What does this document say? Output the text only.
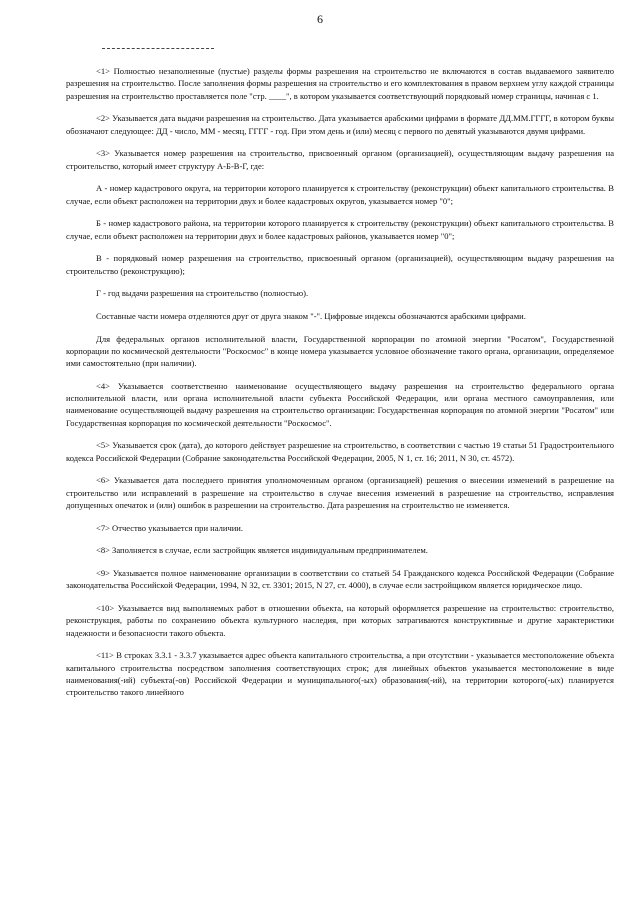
6

<1> Полностью незаполненные (пустые) разделы формы разрешения на строительство не включаются в состав выдаваемого заявителю разрешения на строительство. После заполнения формы разрешения на строительство и его комплектования в правом верхнем углу каждой страницы разрешения на строительство проставляется поле "стр. ____", в котором указывается соответствующий порядковый номер страницы, начиная с 1.

<2> Указывается дата выдачи разрешения на строительство. Дата указывается арабскими цифрами в формате ДД.ММ.ГГГГ, в котором буквы обозначают следующее: ДД - число, ММ - месяц, ГГГГ - год. При этом день и (или) месяц с первого по девятый указываются двумя цифрами.

<3> Указывается номер разрешения на строительство, присвоенный органом (организацией), осуществляющим выдачу разрешения на строительство, который имеет структуру А-Б-В-Г, где:

А - номер кадастрового округа, на территории которого планируется к строительству (реконструкции) объект капитального строительства. В случае, если объект расположен на территории двух и более кадастровых округов, указывается номер "0";

Б - номер кадастрового района, на территории которого планируется к строительству (реконструкции) объект капитального строительства. В случае, если объект расположен на территории двух и более кадастровых районов, указывается номер "0";

В - порядковый номер разрешения на строительство, присвоенный органом (организацией), осуществляющим выдачу разрешения на строительство (реконструкцию);

Г - год выдачи разрешения на строительство (полностью).

Составные части номера отделяются друг от друга знаком "-". Цифровые индексы обозначаются арабскими цифрами.

Для федеральных органов исполнительной власти, Государственной корпорации по атомной энергии "Росатом", Государственной корпорации по космической деятельности "Роскосмос" в конце номера указывается условное обозначение такого органа, организации, определяемое ими самостоятельно (при наличии).

<4> Указывается соответственно наименование осуществляющего выдачу разрешения на строительство федерального органа исполнительной власти, или органа исполнительной власти субъекта Российской Федерации, или органа местного самоуправления, или наименование осуществляющей выдачу разрешения на строительство организации: Государственная корпорация по атомной энергии "Росатом" или Государственная корпорация по космической деятельности "Роскосмос".

<5> Указывается срок (дата), до которого действует разрешение на строительство, в соответствии с частью 19 статьи 51 Градостроительного кодекса Российской Федерации (Собрание законодательства Российской Федерации, 2005, N 1, ст. 16; 2011, N 30, ст. 4572).

<6> Указывается дата последнего принятия уполномоченным органом (организацией) решения о внесении изменений в разрешение на строительство или исправлений в разрешение на строительство в случае внесения изменений в разрешение на строительство, исправления допущенных опечаток и (или) ошибок в разрешении на строительство. Дата разрешения на строительство не изменяется.

<7> Отчество указывается при наличии.

<8> Заполняется в случае, если застройщик является индивидуальным предпринимателем.

<9> Указывается полное наименование организации в соответствии со статьей 54 Гражданского кодекса Российской Федерации (Собрание законодательства Российской Федерации, 1994, N 32, ст. 3301; 2015, N 27, ст. 4000), в случае если застройщиком является юридическое лицо.

<10> Указывается вид выполняемых работ в отношении объекта, на который оформляется разрешение на строительство: строительство, реконструкция, работы по сохранению объекта культурного наследия, при которых затрагиваются конструктивные и другие характеристики надежности и безопасности такого объекта.

<11> В строках 3.3.1 - 3.3.7 указывается адрес объекта капитального строительства, а при отсутствии - указывается местоположение объекта капитального строительства посредством заполнения соответствующих строк; для линейных объектов указывается местоположение в виде наименования(-ий) субъекта(-ов) Российской Федерации и муниципального(-ых) образования(-ий), на территории которого(-ых) планируется строительство такого линейного
